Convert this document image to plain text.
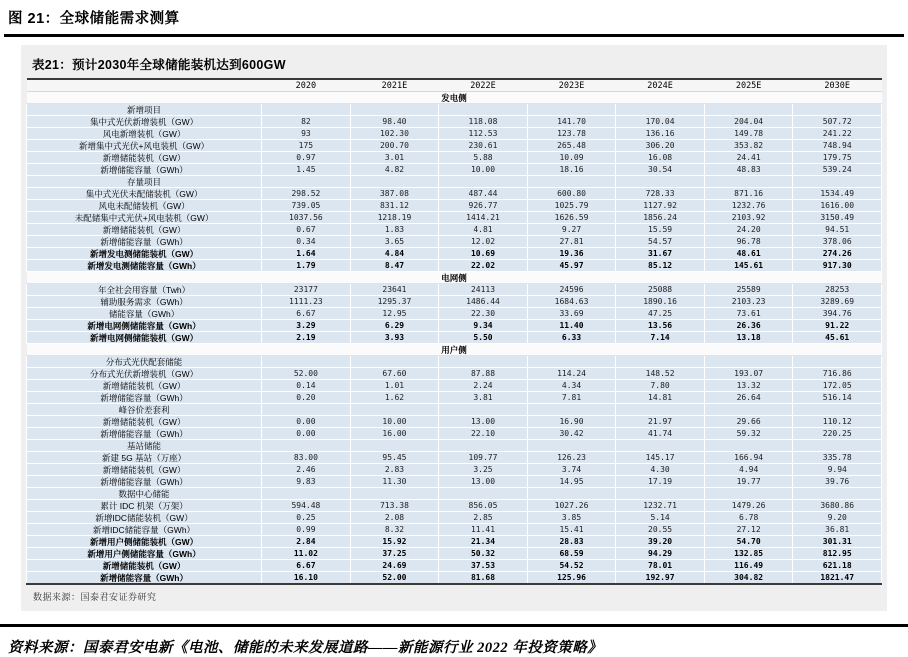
图 21：全球储能需求测算
表21：预计2030年全球储能装机达到600GW
	2020	2021E	2022E	2023E	2024E	2025E	2030E
发电侧							
新增项目							
集中式光伏新增装机（GW）	82	98.40	118.08	141.70	170.04	204.04	507.72
风电新增装机（GW）	93	102.30	112.53	123.78	136.16	149.78	241.22
新增集中式光伏+风电装机（GW）	175	200.70	230.61	265.48	306.20	353.82	748.94
新增储能装机（GW）	0.97	3.01	5.88	10.09	16.08	24.41	179.75
新增储能容量（GWh）	1.45	4.82	10.00	18.16	30.54	48.83	539.24
存量项目							
集中式光伏未配储装机（GW）	298.52	387.08	487.44	600.80	728.33	871.16	1534.49
风电未配储装机（GW）	739.05	831.12	926.77	1025.79	1127.92	1232.76	1616.00
未配储集中式光伏+风电装机（GW）	1037.56	1218.19	1414.21	1626.59	1856.24	2103.92	3150.49
新增储能装机（GW）	0.67	1.83	4.81	9.27	15.59	24.20	94.51
新增储能容量（GWh）	0.34	3.65	12.02	27.81	54.57	96.78	378.06
新增发电测储能装机（GW）	1.64	4.84	10.69	19.36	31.67	48.61	274.26
新增发电测储能容量（GWh）	1.79	8.47	22.02	45.97	85.12	145.61	917.30
电网侧							
年全社会用容量（Twh）	23177	23641	24113	24596	25088	25589	28253
辅助服务需求（GWh）	1111.23	1295.37	1486.44	1684.63	1890.16	2103.23	3289.69
储能容量（GWh）	6.67	12.95	22.30	33.69	47.25	73.61	394.76
新增电网侧储能容量（GWh）	3.29	6.29	9.34	11.40	13.56	26.36	91.22
新增电网侧储能装机（GW）	2.19	3.93	5.50	6.33	7.14	13.18	45.61
用户侧							
分布式光伏配套储能							
分布式光伏新增装机（GW）	52.00	67.60	87.88	114.24	148.52	193.07	716.86
新增储能装机（GW）	0.14	1.01	2.24	4.34	7.80	13.32	172.05
新增储能容量（GWh）	0.20	1.62	3.81	7.81	14.81	26.64	516.14
峰谷价差套利							
新增储能装机（GW）	0.00	10.00	13.00	16.90	21.97	29.66	110.12
新增储能容量（GWh）	0.00	16.00	22.10	30.42	41.74	59.32	220.25
基站储能							
新建 5G 基站（万座）	83.00	95.45	109.77	126.23	145.17	166.94	335.78
新增储能装机（GW）	2.46	2.83	3.25	3.74	4.30	4.94	9.94
新增储能容量（GWh）	9.83	11.30	13.00	14.95	17.19	19.77	39.76
数据中心储能							
累计 IDC 机架（万架）	594.48	713.38	856.05	1027.26	1232.71	1479.26	3680.86
新增IDC储能装机（GW）	0.25	2.08	2.85	3.85	5.14	6.78	9.20
新增IDC储能容量（GWh）	0.99	8.32	11.41	15.41	20.55	27.12	36.81
新增用户侧储能装机（GW）	2.84	15.92	21.34	28.83	39.20	54.70	301.31
新增用户侧储能容量（GWh）	11.02	37.25	50.32	68.59	94.29	132.85	812.95
新增储能装机（GW）	6.67	24.69	37.53	54.52	78.01	116.49	621.18
新增储能容量（GWh）	16.10	52.00	81.68	125.96	192.97	304.82	1821.47
数据来源：国泰君安证券研究
资料来源：国泰君安电新《电池、储能的未来发展道路——新能源行业 2022 年投资策略》
